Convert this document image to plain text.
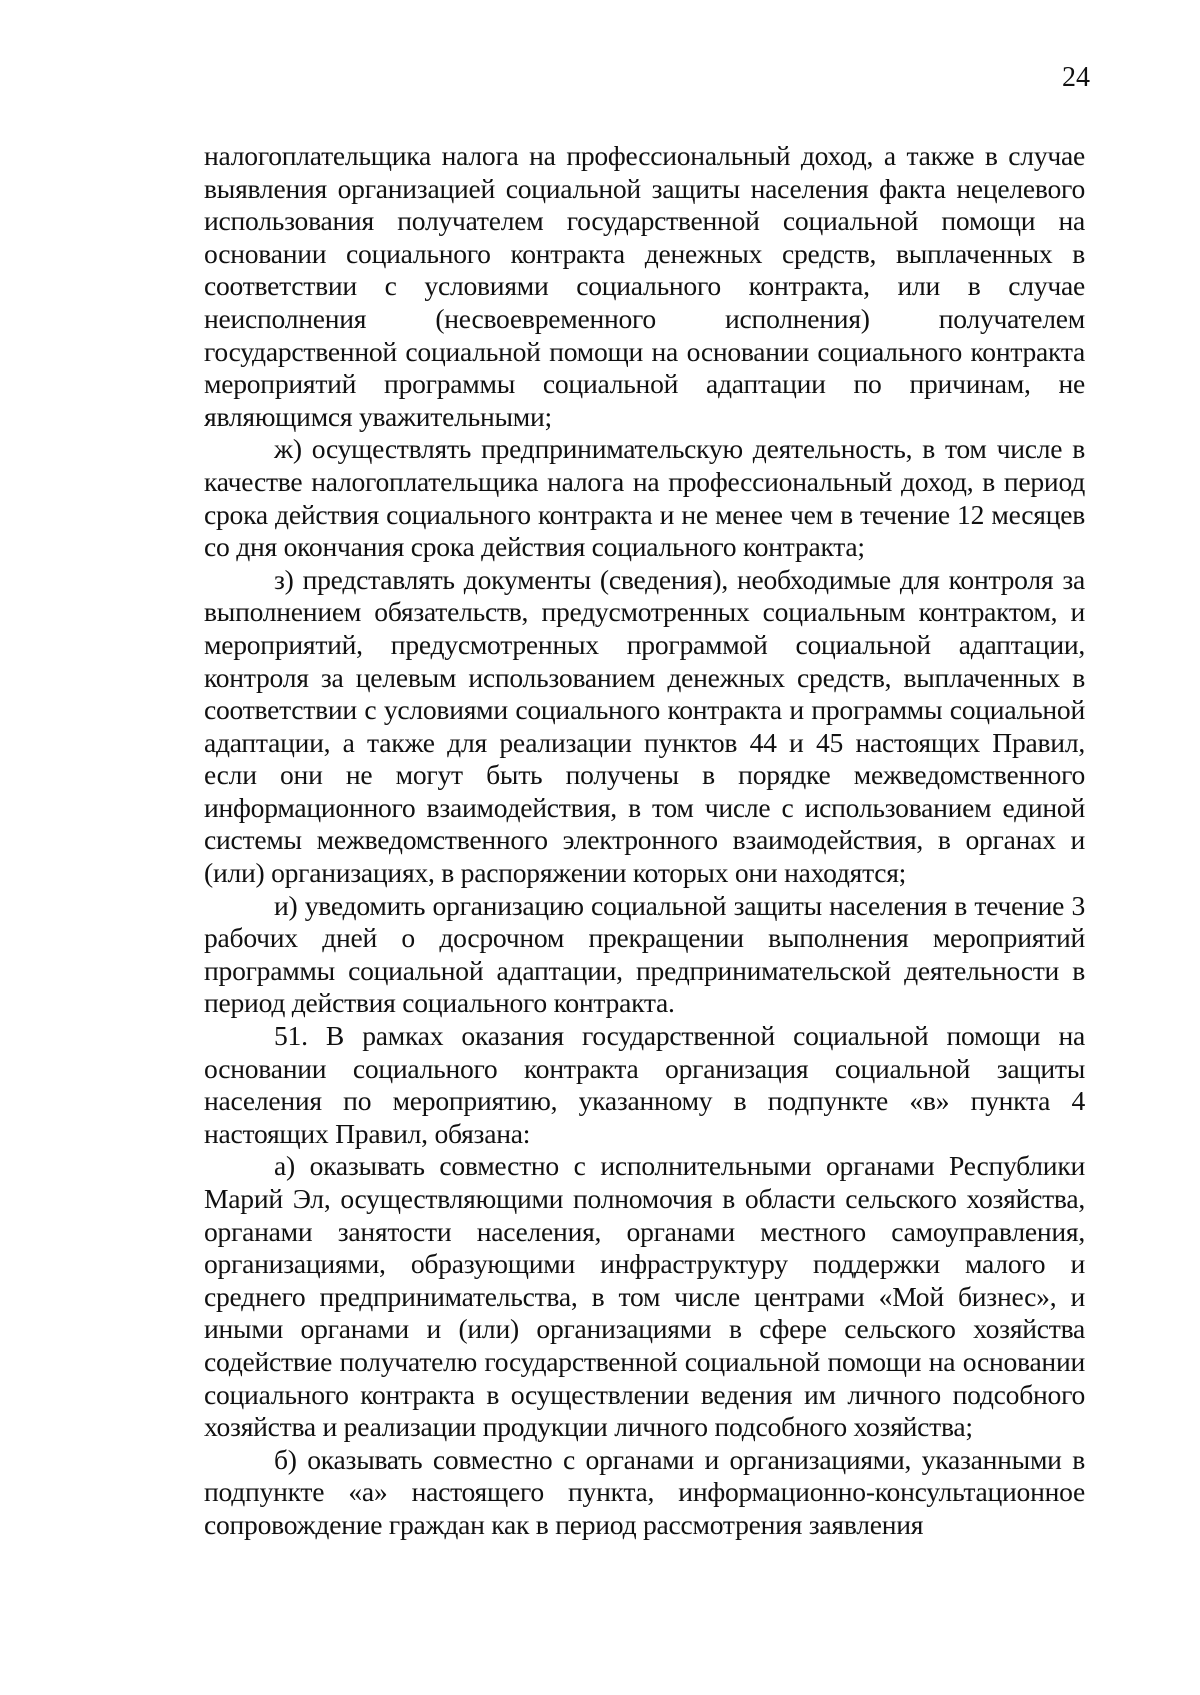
24

налогоплательщика налога на профессиональный доход, а также в случае выявления организацией социальной защиты населения факта нецелевого использования получателем государственной социальной помощи на основании социального контракта денежных средств, выплаченных в соответствии с условиями социального контракта, или в случае неисполнения (несвоевременного исполнения) получателем государственной социальной помощи на основании социального контракта мероприятий программы социальной адаптации по причинам, не являющимся уважительными;

ж) осуществлять предпринимательскую деятельность, в том числе в качестве налогоплательщика налога на профессиональный доход, в период срока действия социального контракта и не менее чем в течение 12 месяцев со дня окончания срока действия социального контракта;

з) представлять документы (сведения), необходимые для контроля за выполнением обязательств, предусмотренных социальным контрактом, и мероприятий, предусмотренных программой социальной адаптации, контроля за целевым использованием денежных средств, выплаченных в соответствии с условиями социального контракта и программы социальной адаптации, а также для реализации пунктов 44 и 45 настоящих Правил, если они не могут быть получены в порядке межведомственного информационного взаимодействия, в том числе с использованием единой системы межведомственного электронного взаимодействия, в органах и (или) организациях, в распоряжении которых они находятся;

и) уведомить организацию социальной защиты населения в течение 3 рабочих дней о досрочном прекращении выполнения мероприятий программы социальной адаптации, предпринимательской деятельности в период действия социального контракта.

51. В рамках оказания государственной социальной помощи на основании социального контракта организация социальной защиты населения по мероприятию, указанному в подпункте «в» пункта 4 настоящих Правил, обязана:

а) оказывать совместно с исполнительными органами Республики Марий Эл, осуществляющими полномочия в области сельского хозяйства, органами занятости населения, органами местного самоуправления, организациями, образующими инфраструктуру поддержки малого и среднего предпринимательства, в том числе центрами «Мой бизнес», и иными органами и (или) организациями в сфере сельского хозяйства содействие получателю государственной социальной помощи на основании социального контракта в осуществлении ведения им личного подсобного хозяйства и реализации продукции личного подсобного хозяйства;

б) оказывать совместно с органами и организациями, указанными в подпункте «а» настоящего пункта, информационно-консультационное сопровождение граждан как в период рассмотрения заявления
